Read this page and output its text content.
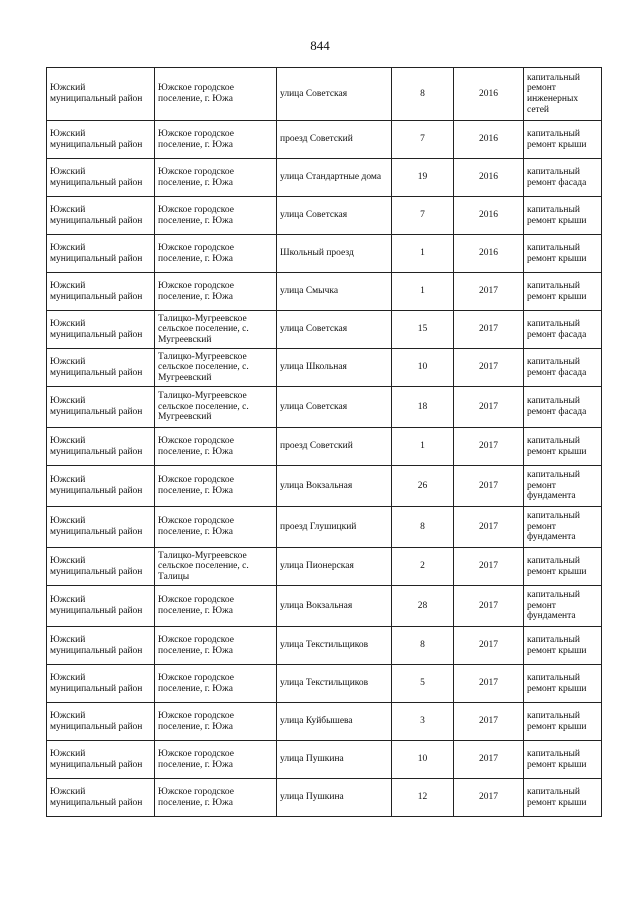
844
Южский муниципальный район	Южское городское поселение, г. Южа	улица Советская	8	2016	капитальный ремонт инженерных сетей

Южский муниципальный район	Южское городское поселение, г. Южа	проезд Советский	7	2016	капитальный ремонт крыши

Южский муниципальный район	Южское городское поселение, г. Южа	улица Стандартные дома	19	2016	капитальный ремонт фасада

Южский муниципальный район	Южское городское поселение, г. Южа	улица Советская	7	2016	капитальный ремонт крыши

Южский муниципальный район	Южское городское поселение, г. Южа	Школьный проезд	1	2016	капитальный ремонт крыши

Южский муниципальный район	Южское городское поселение, г. Южа	улица Смычка	1	2017	капитальный ремонт крыши

Южский муниципальный район	Талицко-Мугреевское сельское поселение, с. Мугреевский	улица Советская	15	2017	капитальный ремонт фасада

Южский муниципальный район	Талицко-Мугреевское сельское поселение, с. Мугреевский	улица Школьная	10	2017	капитальный ремонт фасада

Южский муниципальный район	Талицко-Мугреевское сельское поселение, с. Мугреевский	улица Советская	18	2017	капитальный ремонт фасада

Южский муниципальный район	Южское городское поселение, г. Южа	проезд Советский	1	2017	капитальный ремонт крыши

Южский муниципальный район	Южское городское поселение, г. Южа	улица Вокзальная	26	2017	капитальный ремонт фундамента

Южский муниципальный район	Южское городское поселение, г. Южа	проезд Глушицкий	8	2017	капитальный ремонт фундамента

Южский муниципальный район	Талицко-Мугреевское сельское поселение, с. Талицы	улица Пионерская	2	2017	капитальный ремонт крыши

Южский муниципальный район	Южское городское поселение, г. Южа	улица Вокзальная	28	2017	капитальный ремонт фундамента

Южский муниципальный район	Южское городское поселение, г. Южа	улица Текстильщиков	8	2017	капитальный ремонт крыши

Южский муниципальный район	Южское городское поселение, г. Южа	улица Текстильщиков	5	2017	капитальный ремонт крыши

Южский муниципальный район	Южское городское поселение, г. Южа	улица Куйбышева	3	2017	капитальный ремонт крыши

Южский муниципальный район	Южское городское поселение, г. Южа	улица Пушкина	10	2017	капитальный ремонт крыши

Южский муниципальный район	Южское городское поселение, г. Южа	улица Пушкина	12	2017	капитальный ремонт крыши
